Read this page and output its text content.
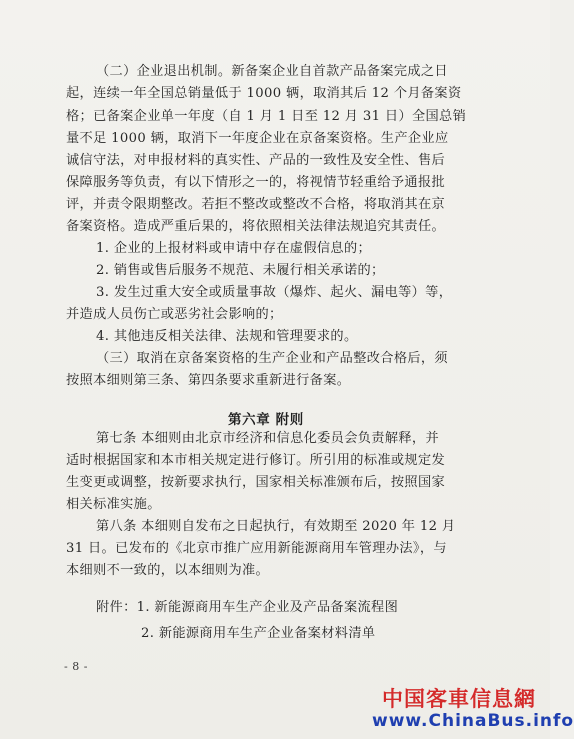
（二）企业退出机制。新备案企业自首款产品备案完成之日
起，连续一年全国总销量低于 1000 辆，取消其后 12 个月备案资
格；已备案企业单一年度（自 1 月 1 日至 12 月 31 日）全国总销
量不足 1000 辆，取消下一年度企业在京备案资格。生产企业应
诚信守法，对申报材料的真实性、产品的一致性及安全性、售后
保障服务等负责，有以下情形之一的，将视情节轻重给予通报批
评，并责令限期整改。若拒不整改或整改不合格，将取消其在京
备案资格。造成严重后果的，将依照相关法律法规追究其责任。
1. 企业的上报材料或申请中存在虚假信息的；
2. 销售或售后服务不规范、未履行相关承诺的；
3. 发生过重大安全或质量事故（爆炸、起火、漏电等）等，
并造成人员伤亡或恶劣社会影响的；
4. 其他违反相关法律、法规和管理要求的。
（三）取消在京备案资格的生产企业和产品整改合格后，须
按照本细则第三条、第四条要求重新进行备案。
第六章 附则
第七条 本细则由北京市经济和信息化委员会负责解释，并
适时根据国家和本市相关规定进行修订。所引用的标准或规定发
生变更或调整，按新要求执行，国家相关标准颁布后，按照国家
相关标准实施。
第八条 本细则自发布之日起执行，有效期至 2020 年 12 月
31 日。已发布的《北京市推广应用新能源商用车管理办法》，与
本细则不一致的，以本细则为准。
附件：1. 新能源商用车生产企业及产品备案流程图
2. 新能源商用车生产企业备案材料清单
- 8 -
中国客車信息網
www.ChinaBus.info
